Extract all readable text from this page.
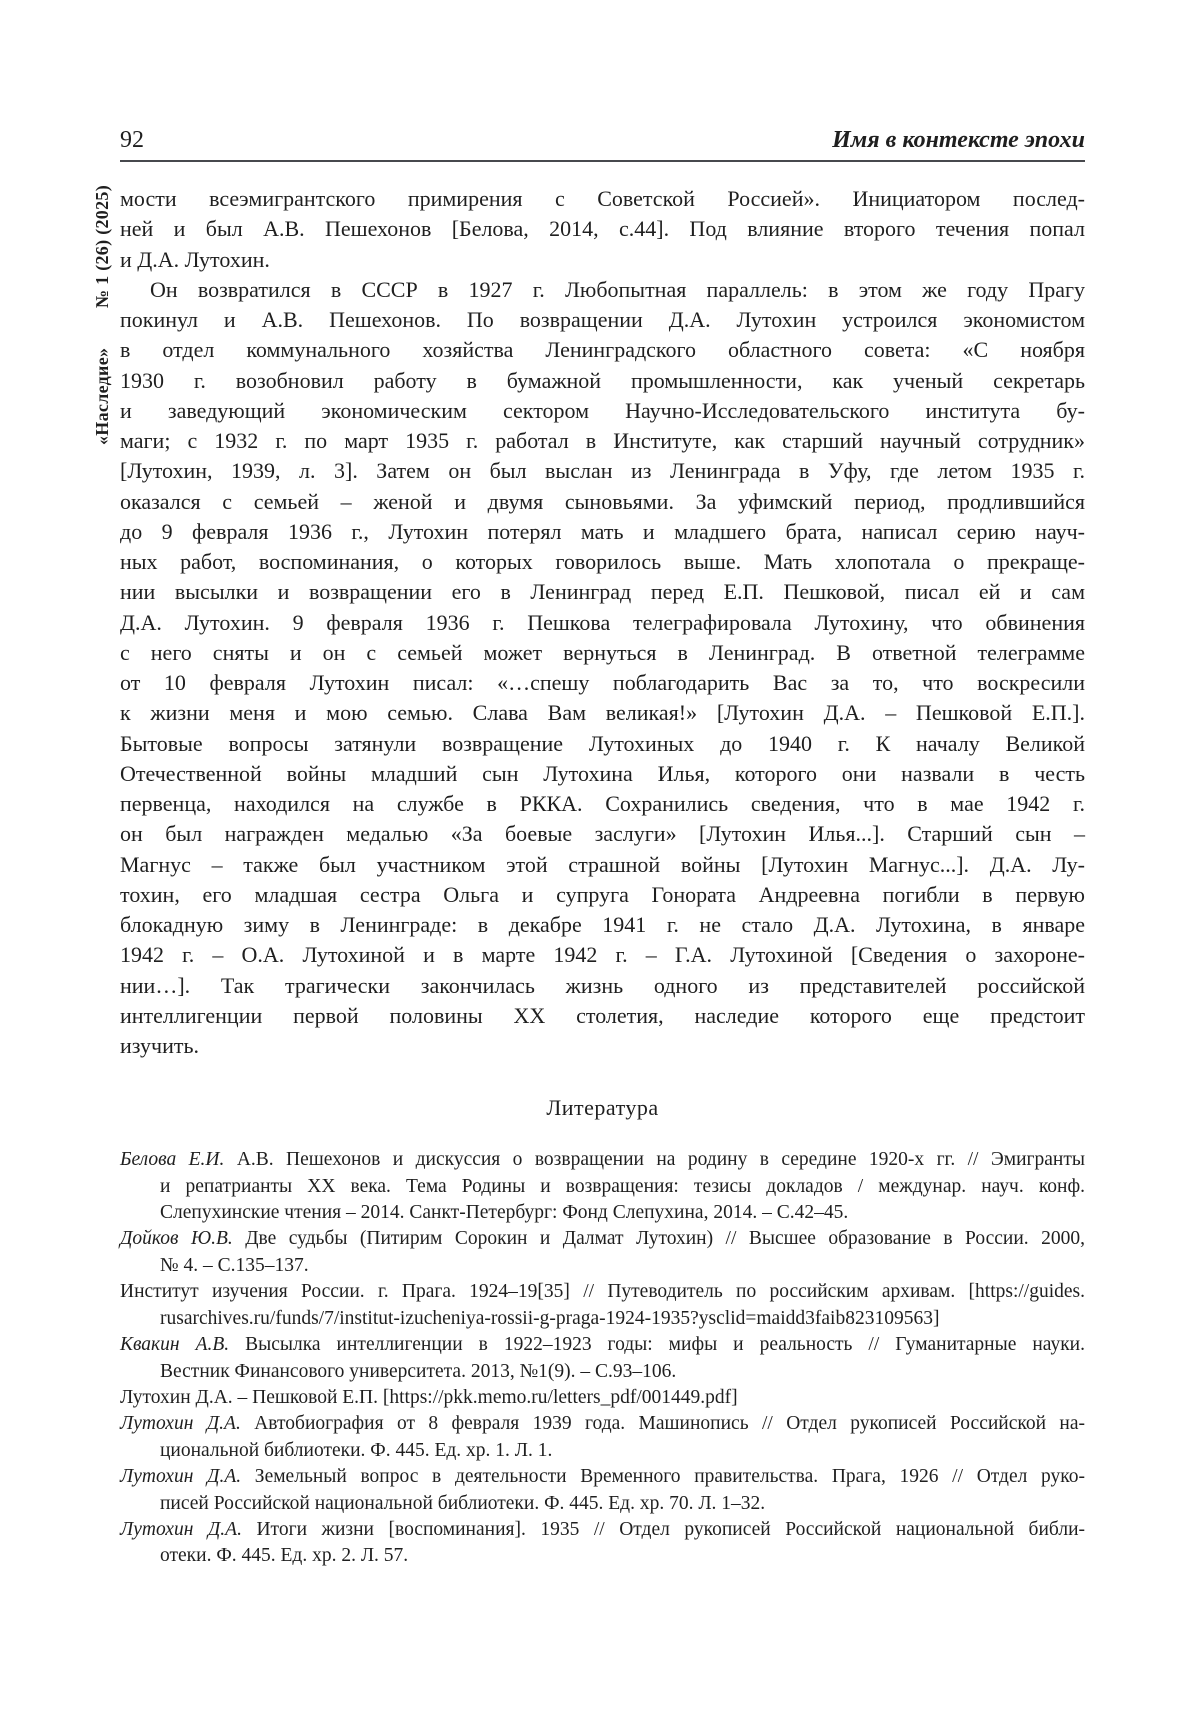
«Наследие»
№ 1 (26) (2025)
92	Имя в контексте эпохи
мости всеэмигрантского примирения с Советской Россией». Инициатором послед-
ней и был А.В. Пешехонов [Белова, 2014, с.44]. Под влияние второго течения попал
и Д.А. Лутохин.
Он возвратился в СССР в 1927 г. Любопытная параллель: в этом же году Прагу
покинул и А.В. Пешехонов. По возвращении Д.А. Лутохин устроился экономистом
в отдел коммунального хозяйства Ленинградского областного совета: «С ноября
1930 г. возобновил работу в бумажной промышленности, как ученый секретарь
и заведующий экономическим сектором Научно-Исследовательского института бу-
маги; с 1932 г. по март 1935 г. работал в Институте, как старший научный сотрудник»
[Лутохин, 1939, л. 3]. Затем он был выслан из Ленинграда в Уфу, где летом 1935 г.
оказался с семьей – женой и двумя сыновьями. За уфимский период, продлившийся
до 9 февраля 1936 г., Лутохин потерял мать и младшего брата, написал серию науч-
ных работ, воспоминания, о которых говорилось выше. Мать хлопотала о прекраще-
нии высылки и возвращении его в Ленинград перед Е.П. Пешковой, писал ей и сам
Д.А. Лутохин. 9 февраля 1936 г. Пешкова телеграфировала Лутохину, что обвинения
с него сняты и он с семьей может вернуться в Ленинград. В ответной телеграмме
от 10 февраля Лутохин писал: «…спешу поблагодарить Вас за то, что воскресили
к жизни меня и мою семью. Слава Вам великая!» [Лутохин Д.А. – Пешковой Е.П.].
Бытовые вопросы затянули возвращение Лутохиных до 1940 г. К началу Великой
Отечественной войны младший сын Лутохина Илья, которого они назвали в честь
первенца, находился на службе в РККА. Сохранились сведения, что в мае 1942 г.
он был награжден медалью «За боевые заслуги» [Лутохин Илья...]. Старший сын –
Магнус – также был участником этой страшной войны [Лутохин Магнус...]. Д.А. Лу-
тохин, его младшая сестра Ольга и супруга Гонората Андреевна погибли в первую
блокадную зиму в Ленинграде: в декабре 1941 г. не стало Д.А. Лутохина, в январе
1942 г. – О.А. Лутохиной и в марте 1942 г. – Г.А. Лутохиной [Сведения о захороне-
нии…]. Так трагически закончилась жизнь одного из представителей российской
интеллигенции первой половины ХХ столетия, наследие которого еще предстоит
изучить.
Литература
Белова Е.И. А.В. Пешехонов и дискуссия о возвращении на родину в середине 1920-х гг. // Эмигранты
и репатрианты ХХ века. Тема Родины и возвращения: тезисы докладов / междунар. науч. конф.
Слепухинские чтения – 2014. Санкт-Петербург: Фонд Слепухина, 2014. – С.42–45.
Дойков Ю.В. Две судьбы (Питирим Сорокин и Далмат Лутохин) // Высшее образование в России. 2000,
№ 4. – С.135–137.
Институт изучения России. г. Прага. 1924–19[35] // Путеводитель по российским архивам. [https://guides.
rusarchives.ru/funds/7/institut-izucheniya-rossii-g-praga-1924-1935?ysclid=maidd3faib823109563]
Квакин А.В. Высылка интеллигенции в 1922–1923 годы: мифы и реальность // Гуманитарные науки.
Вестник Финансового университета. 2013, №1(9). – С.93–106.
Лутохин Д.А. – Пешковой Е.П. [https://pkk.memo.ru/letters_pdf/001449.pdf]
Лутохин Д.А. Автобиография от 8 февраля 1939 года. Машинопись // Отдел рукописей Российской на-
циональной библиотеки. Ф. 445. Ед. хр. 1. Л. 1.
Лутохин Д.А. Земельный вопрос в деятельности Временного правительства. Прага, 1926 // Отдел руко-
писей Российской национальной библиотеки. Ф. 445. Ед. хр. 70. Л. 1–32.
Лутохин Д.А. Итоги жизни [воспоминания]. 1935 // Отдел рукописей Российской национальной библи-
отеки. Ф. 445. Ед. хр. 2. Л. 57.
